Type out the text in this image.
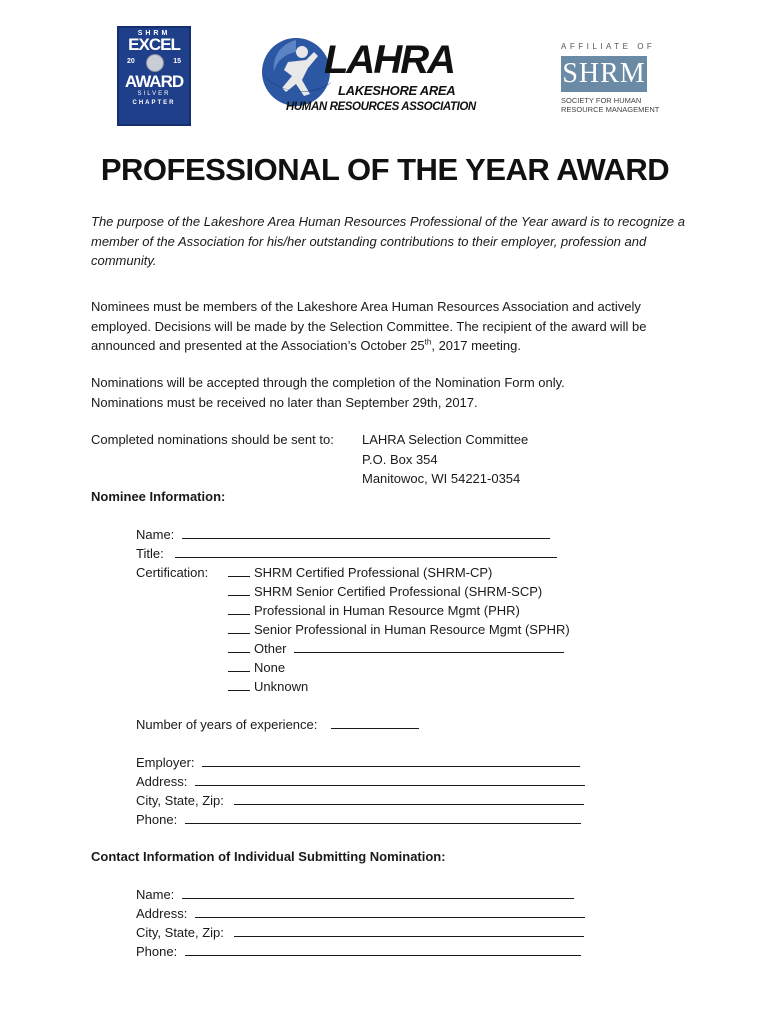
SHRM
EXCEL
20	15
AWARD
SILVER
CHAPTER
LAHRA
LAKESHORE AREA
HUMAN RESOURCES ASSOCIATION
AFFILIATE OF
SHRM
SOCIETY FOR HUMAN RESOURCE MANAGEMENT
PROFESSIONAL OF THE YEAR AWARD
The purpose of the Lakeshore Area Human Resources Professional of the Year award is to recognize a member of the Association for his/her outstanding contributions to their employer, profession and community.
Nominees must be members of the Lakeshore Area Human Resources Association and actively employed. Decisions will be made by the Selection Committee. The recipient of the award will be announced and presented at the Association’s October 25th, 2017 meeting.
Nominations will be accepted through the completion of the Nomination Form only.
Nominations must be received no later than September 29th, 2017.
Completed nominations should be sent to: LAHRA Selection Committee
P.O. Box 354
Manitowoc, WI 54221-0354
Nominee Information:
Name:
Title:
Certification:	SHRM Certified Professional (SHRM-CP)
SHRM Senior Certified Professional (SHRM-SCP)
Professional in Human Resource Mgmt (PHR)
Senior Professional in Human Resource Mgmt (SPHR)
Other
None
Unknown
Number of years of experience:
Employer:
Address:
City, State, Zip:
Phone:
Contact Information of Individual Submitting Nomination:
Name:
Address:
City, State, Zip:
Phone:
